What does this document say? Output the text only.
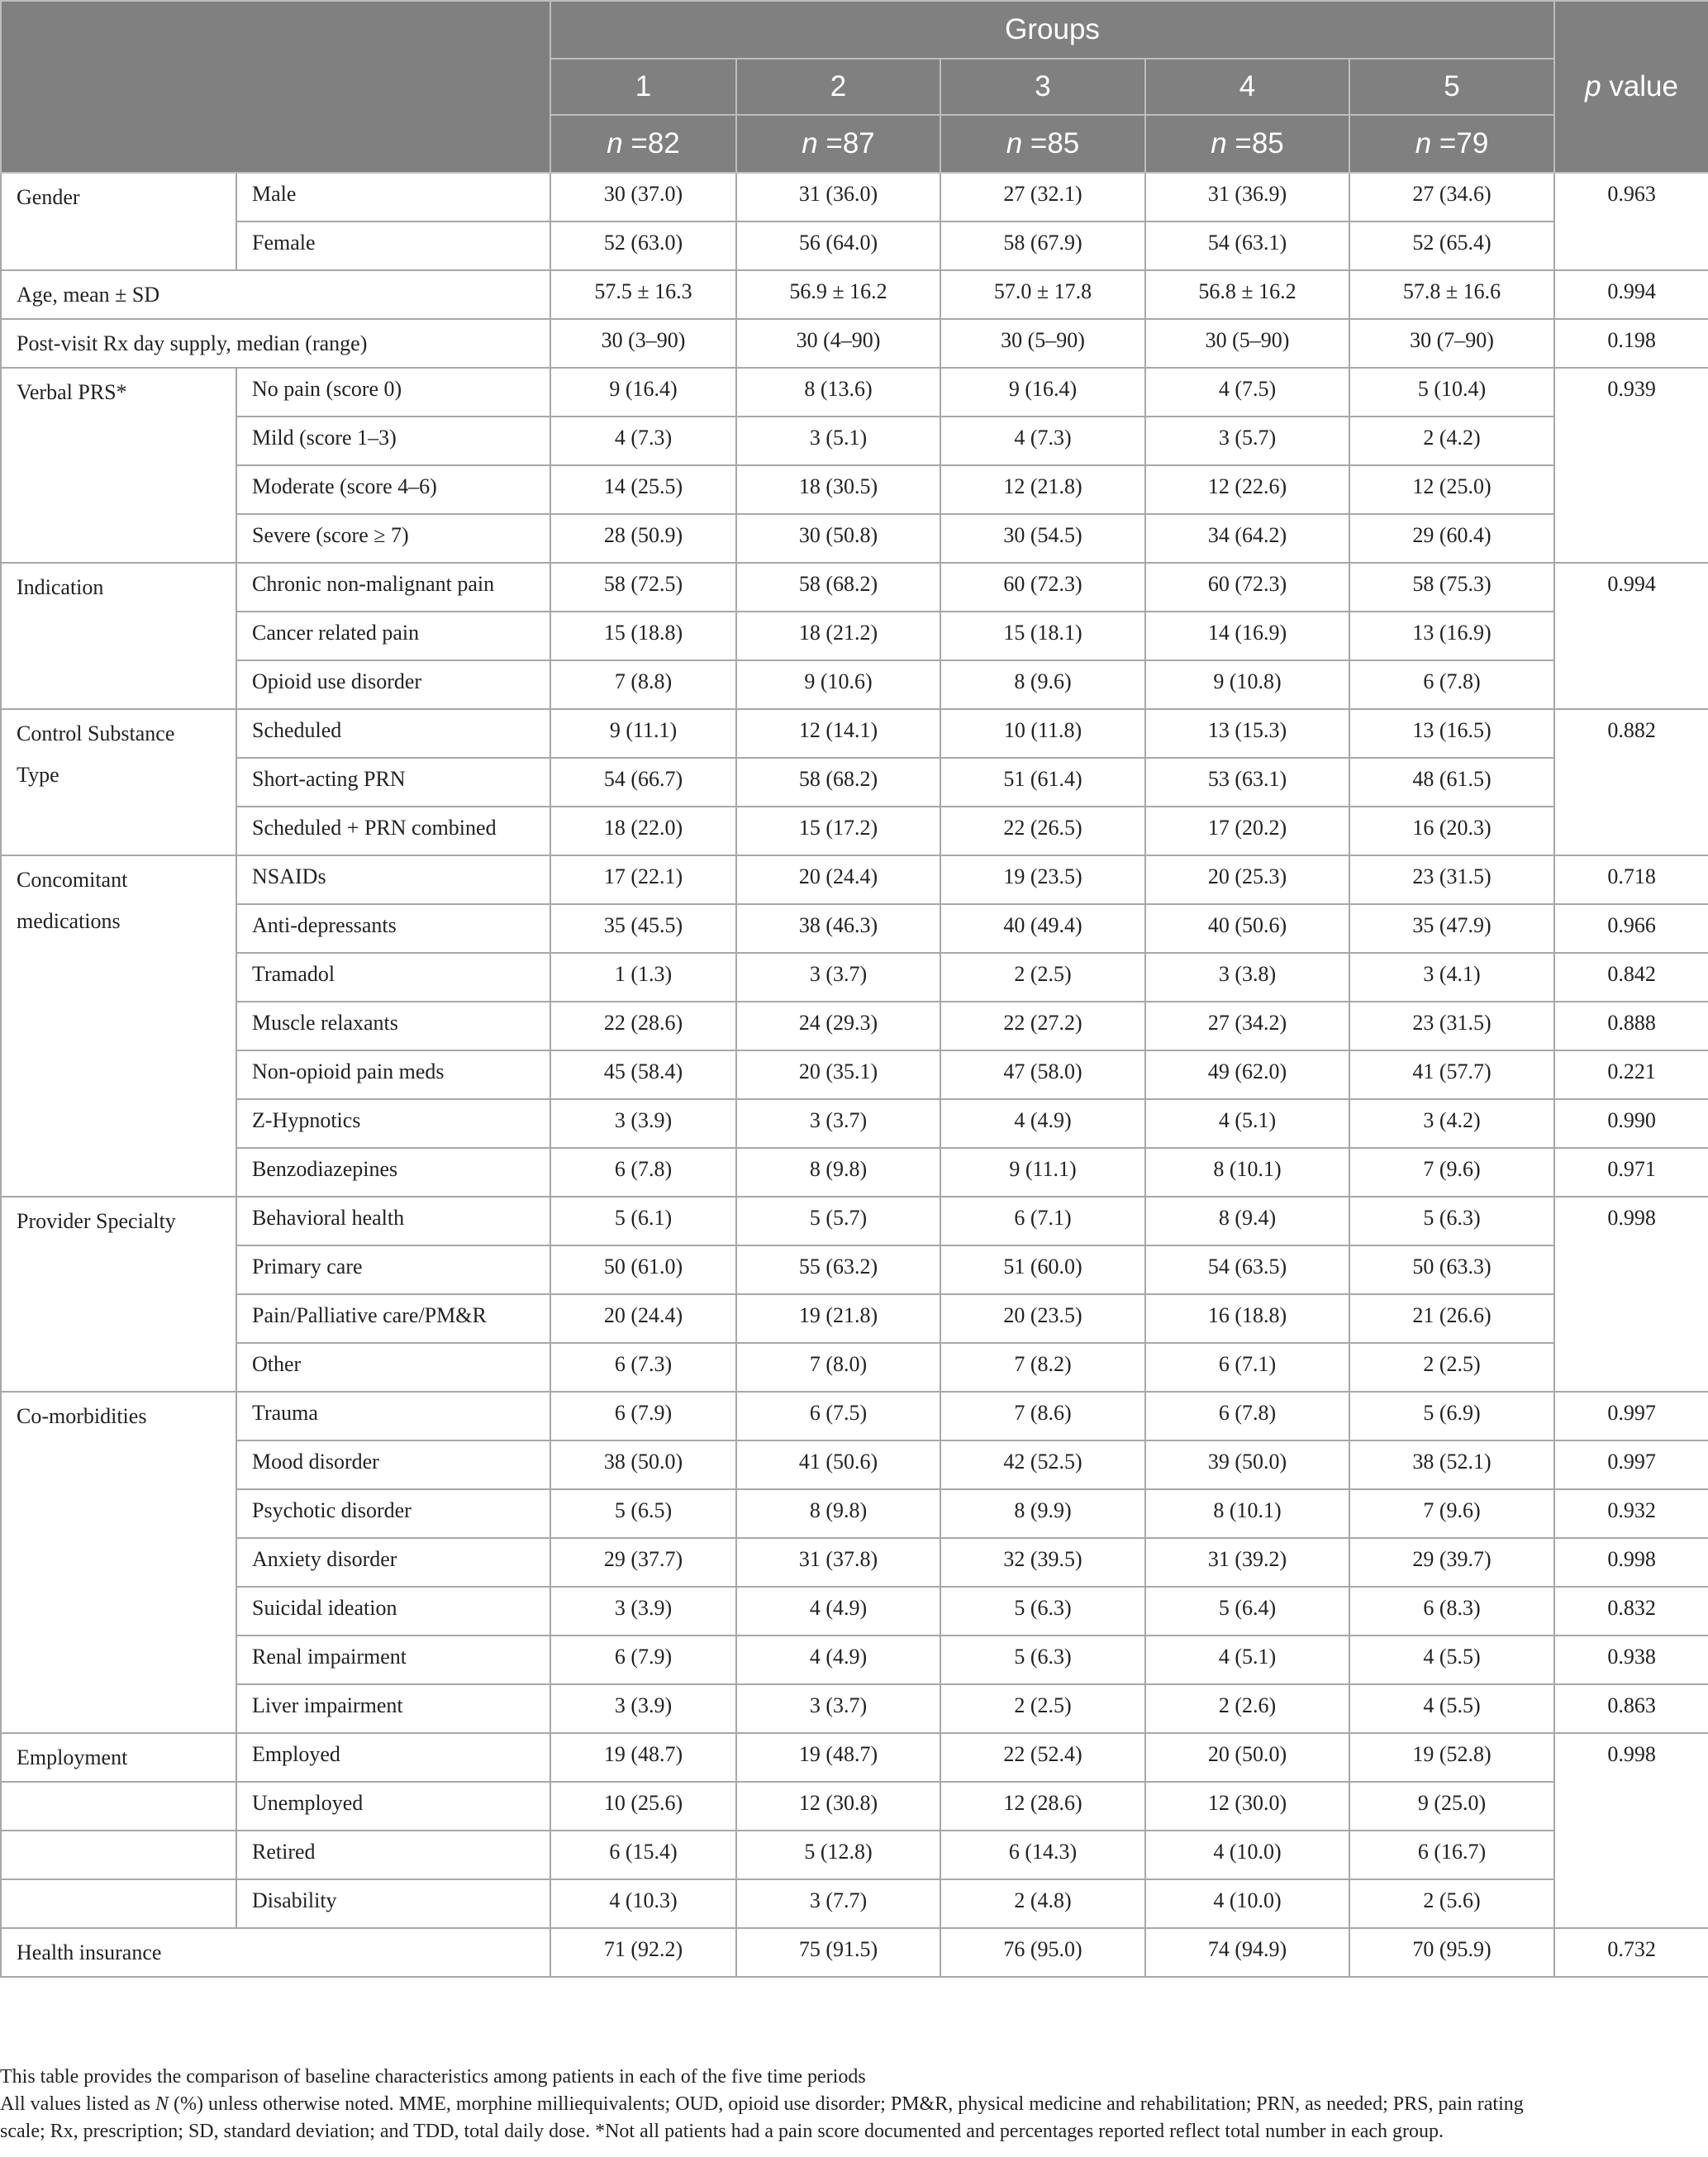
		Groups					p value
		1	2	3	4	5	
		n =82	n =87	n =85	n =85	n =79	
Gender	Male	30 (37.0)	31 (36.0)	27 (32.1)	31 (36.9)	27 (34.6)	0.963
	Female	52 (63.0)	56 (64.0)	58 (67.9)	54 (63.1)	52 (65.4)	
Age, mean ± SD		57.5 ± 16.3	56.9 ± 16.2	57.0 ± 17.8	56.8 ± 16.2	57.8 ± 16.6	0.994
Post-visit Rx day supply, median (range)		30 (3–90)	30 (4–90)	30 (5–90)	30 (5–90)	30 (7–90)	0.198
Verbal PRS*	No pain (score 0)	9 (16.4)	8 (13.6)	9 (16.4)	4 (7.5)	5 (10.4)	0.939
	Mild (score 1–3)	4 (7.3)	3 (5.1)	4 (7.3)	3 (5.7)	2 (4.2)	
	Moderate (score 4–6)	14 (25.5)	18 (30.5)	12 (21.8)	12 (22.6)	12 (25.0)	
	Severe (score ≥ 7)	28 (50.9)	30 (50.8)	30 (54.5)	34 (64.2)	29 (60.4)	
Indication	Chronic non-malignant pain	58 (72.5)	58 (68.2)	60 (72.3)	60 (72.3)	58 (75.3)	0.994
	Cancer related pain	15 (18.8)	18 (21.2)	15 (18.1)	14 (16.9)	13 (16.9)	
	Opioid use disorder	7 (8.8)	9 (10.6)	8 (9.6)	9 (10.8)	6 (7.8)	

Control Substance
Type	Scheduled	9 (11.1)	12 (14.1)	10 (11.8)	13 (15.3)	13 (16.5)	0.882
	Short-acting PRN	54 (66.7)	58 (68.2)	51 (61.4)	53 (63.1)	48 (61.5)	
	Scheduled + PRN combined	18 (22.0)	15 (17.2)	22 (26.5)	17 (20.2)	16 (20.3)	

Concomitant
medications	NSAIDs	17 (22.1)	20 (24.4)	19 (23.5)	20 (25.3)	23 (31.5)	0.718
	Anti-depressants	35 (45.5)	38 (46.3)	40 (49.4)	40 (50.6)	35 (47.9)	0.966
	Tramadol	1 (1.3)	3 (3.7)	2 (2.5)	3 (3.8)	3 (4.1)	0.842
	Muscle relaxants	22 (28.6)	24 (29.3)	22 (27.2)	27 (34.2)	23 (31.5)	0.888
	Non-opioid pain meds	45 (58.4)	20 (35.1)	47 (58.0)	49 (62.0)	41 (57.7)	0.221
	Z-Hypnotics	3 (3.9)	3 (3.7)	4 (4.9)	4 (5.1)	3 (4.2)	0.990
	Benzodiazepines	6 (7.8)	8 (9.8)	9 (11.1)	8 (10.1)	7 (9.6)	0.971
Provider Specialty	Behavioral health	5 (6.1)	5 (5.7)	6 (7.1)	8 (9.4)	5 (6.3)	0.998
	Primary care	50 (61.0)	55 (63.2)	51 (60.0)	54 (63.5)	50 (63.3)	
	Pain/Palliative care/PM&R	20 (24.4)	19 (21.8)	20 (23.5)	16 (18.8)	21 (26.6)	
	Other	6 (7.3)	7 (8.0)	7 (8.2)	6 (7.1)	2 (2.5)	
Co-morbidities	Trauma	6 (7.9)	6 (7.5)	7 (8.6)	6 (7.8)	5 (6.9)	0.997
	Mood disorder	38 (50.0)	41 (50.6)	42 (52.5)	39 (50.0)	38 (52.1)	0.997
	Psychotic disorder	5 (6.5)	8 (9.8)	8 (9.9)	8 (10.1)	7 (9.6)	0.932
	Anxiety disorder	29 (37.7)	31 (37.8)	32 (39.5)	31 (39.2)	29 (39.7)	0.998
	Suicidal ideation	3 (3.9)	4 (4.9)	5 (6.3)	5 (6.4)	6 (8.3)	0.832
	Renal impairment	6 (7.9)	4 (4.9)	5 (6.3)	4 (5.1)	4 (5.5)	0.938
	Liver impairment	3 (3.9)	3 (3.7)	2 (2.5)	2 (2.6)	4 (5.5)	0.863
Employment	Employed	19 (48.7)	19 (48.7)	22 (52.4)	20 (50.0)	19 (52.8)	0.998
	Unemployed	10 (25.6)	12 (30.8)	12 (28.6)	12 (30.0)	9 (25.0)	
	Retired	6 (15.4)	5 (12.8)	6 (14.3)	4 (10.0)	6 (16.7)	
	Disability	4 (10.3)	3 (7.7)	2 (4.8)	4 (10.0)	2 (5.6)	
Health insurance		71 (92.2)	75 (91.5)	76 (95.0)	74 (94.9)	70 (95.9)	0.732
This table provides the comparison of baseline characteristics among patients in each of the five time periods
All values listed as N (%) unless otherwise noted. MME, morphine milliequivalents; OUD, opioid use disorder; PM&R, physical medicine and rehabilitation; PRN, as needed; PRS, pain rating
scale; Rx, prescription; SD, standard deviation; and TDD, total daily dose. *Not all patients had a pain score documented and percentages reported reflect total number in each group.
